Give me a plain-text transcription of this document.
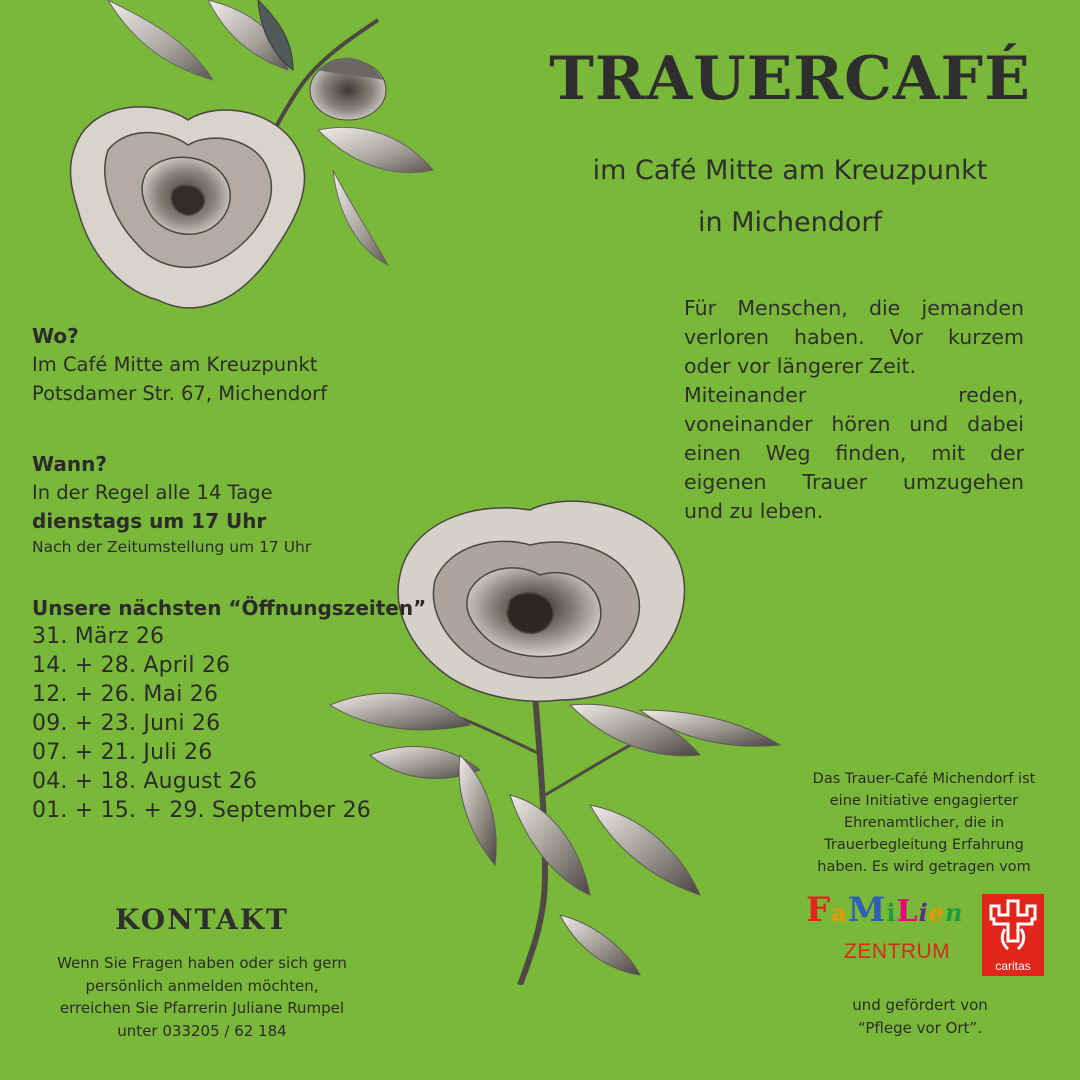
TRAUERCAFÉ
im Café Mitte am Kreuzpunkt
in Michendorf
Für Menschen, die jemanden
verloren haben. Vor kurzem
oder vor längerer Zeit.
Miteinander reden,
voneinander hören und dabei
einen Weg finden, mit der
eigenen Trauer umzugehen
und zu leben.
Wo?
Im Café Mitte am Kreuzpunkt
Potsdamer Str. 67, Michendorf
Wann?
In der Regel alle 14 Tage
dienstags um 17 Uhr
Nach der Zeitumstellung um 17 Uhr
Unsere nächsten “Öffnungszeiten”
31. März 26
14. + 28. April 26
12. + 26. Mai 26
09. + 23. Juni 26
07. + 21. Juli 26
04. + 18. August 26
01. + 15. + 29. September 26
KONTAKT
Wenn Sie Fragen haben oder sich gern
persönlich anmelden möchten,
erreichen Sie Pfarrerin Juliane Rumpel
unter 033205 / 62 184
Das Trauer-Café Michendorf ist
eine Initiative engagierter
Ehrenamtlicher, die in
Trauerbegleitung Erfahrung
haben. Es wird getragen vom
FaMiLien
ZENTRUM
caritas
und gefördert von
“Pflege vor Ort”.
